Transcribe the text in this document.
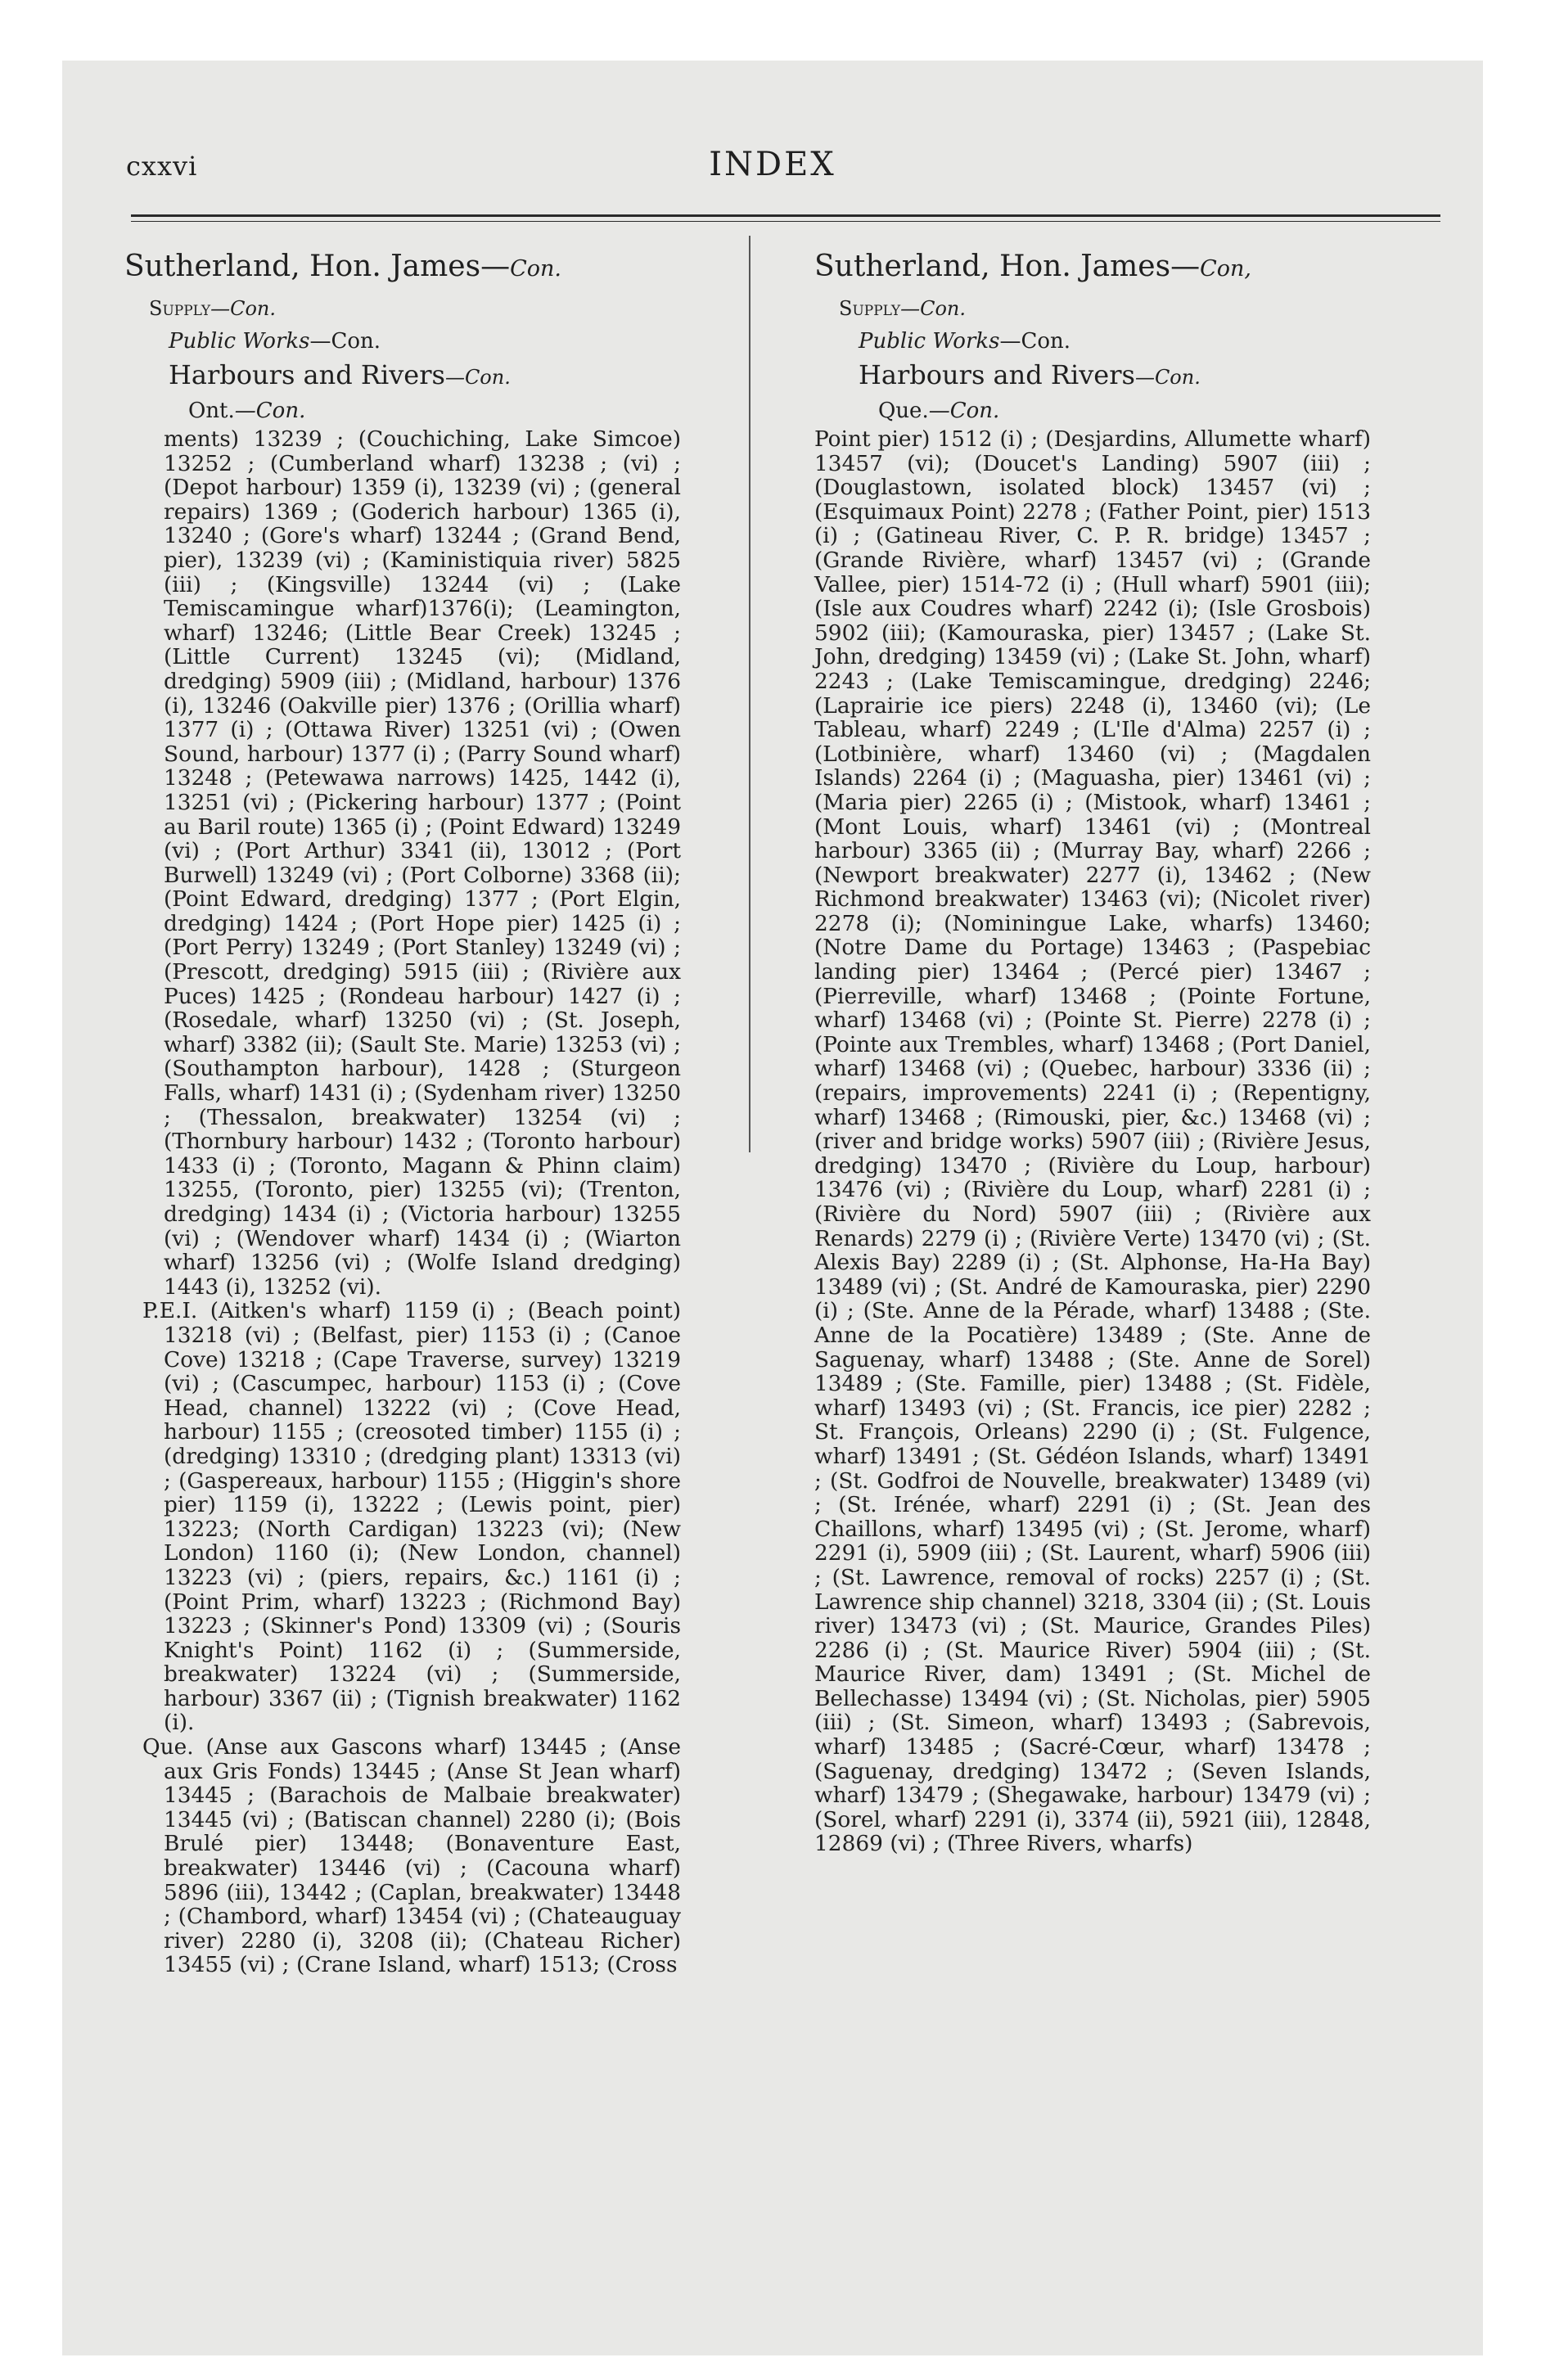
cxxvi	INDEX
Sutherland, Hon. James—Con.
Supply—Con.
Public Works—Con.
Harbours and Rivers—Con.
Ont.—Con.

ments) 13239 ; (Couchiching, Lake Simcoe) 13252 ; (Cumberland wharf) 13238 ; (vi) ; (Depot harbour) 1359 (i), 13239 (vi) ; (general repairs) 1369 ; (Goderich harbour) 1365 (i), 13240 ; (Gore's wharf) 13244 ; (Grand Bend, pier), 13239 (vi) ; (Kaministiquia river) 5825 (iii) ; (Kingsville) 13244 (vi) ; (Lake Temiscamingue wharf)1376(i); (Leamington, wharf) 13246; (Little Bear Creek) 13245 ; (Little Current) 13245 (vi); (Midland, dredging) 5909 (iii) ; (Midland, harbour) 1376 (i), 13246 (Oakville pier) 1376 ; (Orillia wharf) 1377 (i) ; (Ottawa River) 13251 (vi) ; (Owen Sound, harbour) 1377 (i) ; (Parry Sound wharf) 13248 ; (Petewawa narrows) 1425, 1442 (i), 13251 (vi) ; (Pickering harbour) 1377 ; (Point au Baril route) 1365 (i) ; (Point Edward) 13249 (vi) ; (Port Arthur) 3341 (ii), 13012 ; (Port Burwell) 13249 (vi) ; (Port Colborne) 3368 (ii); (Point Edward, dredging) 1377 ; (Port Elgin, dredging) 1424 ; (Port Hope pier) 1425 (i) ; (Port Perry) 13249 ; (Port Stanley) 13249 (vi) ; (Prescott, dredging) 5915 (iii) ; (Rivière aux Puces) 1425 ; (Rondeau harbour) 1427 (i) ; (Rosedale, wharf) 13250 (vi) ; (St. Joseph, wharf) 3382 (ii); (Sault Ste. Marie) 13253 (vi) ; (Southampton harbour), 1428 ; (Sturgeon Falls, wharf) 1431 (i) ; (Sydenham river) 13250 ; (Thessalon, breakwater) 13254 (vi) ; (Thornbury harbour) 1432 ; (Toronto harbour) 1433 (i) ; (Toronto, Magann & Phinn claim) 13255, (Toronto, pier) 13255 (vi); (Trenton, dredging) 1434 (i) ; (Victoria harbour) 13255 (vi) ; (Wendover wharf) 1434 (i) ; (Wiarton wharf) 13256 (vi) ; (Wolfe Island dredging) 1443 (i), 13252 (vi).

P.E.I. (Aitken's wharf) 1159 (i) ; (Beach point) 13218 (vi) ; (Belfast, pier) 1153 (i) ; (Canoe Cove) 13218 ; (Cape Traverse, survey) 13219 (vi) ; (Cascumpec, harbour) 1153 (i) ; (Cove Head, channel) 13222 (vi) ; (Cove Head, harbour) 1155 ; (creosoted timber) 1155 (i) ; (dredging) 13310 ; (dredging plant) 13313 (vi) ; (Gaspereaux, harbour) 1155 ; (Higgin's shore pier) 1159 (i), 13222 ; (Lewis point, pier) 13223; (North Cardigan) 13223 (vi); (New London) 1160 (i); (New London, channel) 13223 (vi) ; (piers, repairs, &c.) 1161 (i) ; (Point Prim, wharf) 13223 ; (Richmond Bay) 13223 ; (Skinner's Pond) 13309 (vi) ; (Souris Knight's Point) 1162 (i) ; (Summerside, breakwater) 13224 (vi) ; (Summerside, harbour) 3367 (ii) ; (Tignish breakwater) 1162 (i).

Que. (Anse aux Gascons wharf) 13445 ; (Anse aux Gris Fonds) 13445 ; (Anse St Jean wharf) 13445 ; (Barachois de Malbaie breakwater) 13445 (vi) ; (Batiscan channel) 2280 (i); (Bois Brulé pier) 13448; (Bonaventure East, breakwater) 13446 (vi) ; (Cacouna wharf) 5896 (iii), 13442 ; (Caplan, breakwater) 13448 ; (Chambord, wharf) 13454 (vi) ; (Chateauguay river) 2280 (i), 3208 (ii); (Chateau Richer) 13455 (vi) ; (Crane Island, wharf) 1513; (Cross

Sutherland, Hon. James—Con,
Supply—Con.
Public Works—Con.
Harbours and Rivers—Con.
Que.—Con.

Point pier) 1512 (i) ; (Desjardins, Allumette wharf) 13457 (vi); (Doucet's Landing) 5907 (iii) ; (Douglastown, isolated block) 13457 (vi) ; (Esquimaux Point) 2278 ; (Father Point, pier) 1513 (i) ; (Gatineau River, C. P. R. bridge) 13457 ; (Grande Rivière, wharf) 13457 (vi) ; (Grande Vallee, pier) 1514-72 (i) ; (Hull wharf) 5901 (iii); (Isle aux Coudres wharf) 2242 (i); (Isle Grosbois) 5902 (iii); (Kamouraska, pier) 13457 ; (Lake St. John, dredging) 13459 (vi) ; (Lake St. John, wharf) 2243 ; (Lake Temiscamingue, dredging) 2246; (Laprairie ice piers) 2248 (i), 13460 (vi); (Le Tableau, wharf) 2249 ; (L'Ile d'Alma) 2257 (i) ; (Lotbinière, wharf) 13460 (vi) ; (Magdalen Islands) 2264 (i) ; (Maguasha, pier) 13461 (vi) ; (Maria pier) 2265 (i) ; (Mistook, wharf) 13461 ; (Mont Louis, wharf) 13461 (vi) ; (Montreal harbour) 3365 (ii) ; (Murray Bay, wharf) 2266 ; (Newport breakwater) 2277 (i), 13462 ; (New Richmond breakwater) 13463 (vi); (Nicolet river) 2278 (i); (Nominingue Lake, wharfs) 13460; (Notre Dame du Portage) 13463 ; (Paspebiac landing pier) 13464 ; (Percé pier) 13467 ; (Pierreville, wharf) 13468 ; (Pointe Fortune, wharf) 13468 (vi) ; (Pointe St. Pierre) 2278 (i) ; (Pointe aux Trembles, wharf) 13468 ; (Port Daniel, wharf) 13468 (vi) ; (Quebec, harbour) 3336 (ii) ; (repairs, improvements) 2241 (i) ; (Repentigny, wharf) 13468 ; (Rimouski, pier, &c.) 13468 (vi) ; (river and bridge works) 5907 (iii) ; (Rivière Jesus, dredging) 13470 ; (Rivière du Loup, harbour) 13476 (vi) ; (Rivière du Loup, wharf) 2281 (i) ; (Rivière du Nord) 5907 (iii) ; (Rivière aux Renards) 2279 (i) ; (Rivière Verte) 13470 (vi) ; (St. Alexis Bay) 2289 (i) ; (St. Alphonse, Ha-Ha Bay) 13489 (vi) ; (St. André de Kamouraska, pier) 2290 (i) ; (Ste. Anne de la Pérade, wharf) 13488 ; (Ste. Anne de la Pocatière) 13489 ; (Ste. Anne de Saguenay, wharf) 13488 ; (Ste. Anne de Sorel) 13489 ; (Ste. Famille, pier) 13488 ; (St. Fidèle, wharf) 13493 (vi) ; (St. Francis, ice pier) 2282 ; St. François, Orleans) 2290 (i) ; (St. Fulgence, wharf) 13491 ; (St. Gédéon Islands, wharf) 13491 ; (St. Godfroi de Nouvelle, breakwater) 13489 (vi) ; (St. Irénée, wharf) 2291 (i) ; (St. Jean des Chaillons, wharf) 13495 (vi) ; (St. Jerome, wharf) 2291 (i), 5909 (iii) ; (St. Laurent, wharf) 5906 (iii) ; (St. Lawrence, removal of rocks) 2257 (i) ; (St. Lawrence ship channel) 3218, 3304 (ii) ; (St. Louis river) 13473 (vi) ; (St. Maurice, Grandes Piles) 2286 (i) ; (St. Maurice River) 5904 (iii) ; (St. Maurice River, dam) 13491 ; (St. Michel de Bellechasse) 13494 (vi) ; (St. Nicholas, pier) 5905 (iii) ; (St. Simeon, wharf) 13493 ; (Sabrevois, wharf) 13485 ; (Sacré-Cœur, wharf) 13478 ; (Saguenay, dredging) 13472 ; (Seven Islands, wharf) 13479 ; (Shegawake, harbour) 13479 (vi) ; (Sorel, wharf) 2291 (i), 3374 (ii), 5921 (iii), 12848, 12869 (vi) ; (Three Rivers, wharfs)
